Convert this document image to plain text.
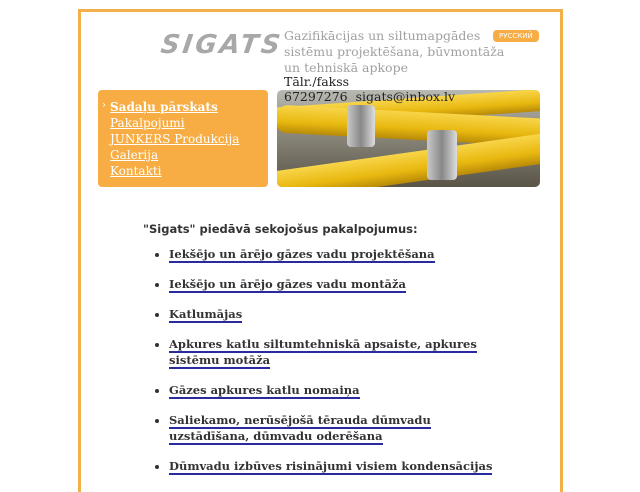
SIGATS Gazifikācijas un siltumapgādes sistēmu projektēšana, būvmontāža un tehniskā apkope
Tālr./fakss
67297276 sigats@inbox.lv
РУССКИЙ
› Sadaļu pārskats
Pakalpojumi
JUNKERS Produkcija
Galerija
Kontakti
"Sigats" piedāvā sekojošus pakalpojumus:
• Iekšējo un ārējo gāzes vadu projektēšana
• Iekšējo un ārējo gāzes vadu montāža
• Katlumājas
• Apkures katlu siltumtehniskā apsaiste, apkures sistēmu motāža
• Gāzes apkures katlu nomaiņa
• Saliekamo, nerūsējošā tērauda dūmvadu uzstādīšana, dūmvadu oderēšana
• Dūmvadu izbūves risinājumi visiem kondensācijas
